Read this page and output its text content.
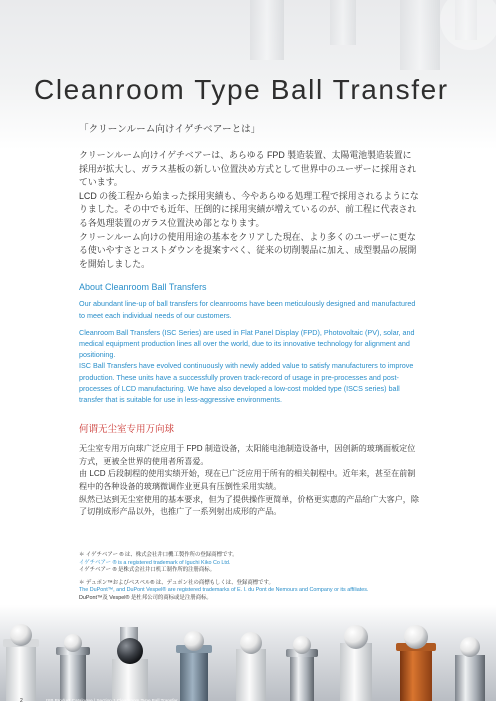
Cleanroom Type Ball Transfer

「クリーンルーム向けイゲチベアーとは」

クリーンルーム向けイゲチベアーは、あらゆる FPD 製造装置、太陽電池製造装置に採用が拡大し、ガラス基板の新しい位置決め方式として世界中のユーザーに採用されています。
LCD の後工程から始まった採用実績も、今やあらゆる処理工程で採用されるようになりました。その中でも近年、圧倒的に採用実績が増えているのが、前工程に代表される各処理装置のガラス位置決め部となります。
クリーンルーム向けの使用用途の基本をクリアした現在、より多くのユーザーに更なる使いやすさとコストダウンを提案すべく、従来の切削製品に加え、成型製品の展開を開始しました。

About Cleanroom Ball Transfers

Our abundant line-up of ball transfers for cleanrooms have been meticulously designed and manufactured to meet each individual needs of our customers.

Cleanroom Ball Transfers (ISC Series) are used in Flat Panel Display (FPD), Photovoltaic (PV), solar, and medical equipment production lines all over the world, due to its innovative technology for alignment and positioning.

ISC Ball Transfers have evolved continuously with newly added value to satisfy manufacturers to improve production. These units have a successfully proven track-record of usage in pre-processes and post-processes of LCD manufacturing. We have also developed a low-cost molded type (ISCS series) ball transfer that is suitable for use in less-aggressive environments.

何谓无尘室专用万向球

无尘室专用万向球广泛应用于 FPD 制造设备，太阳能电池制造设备中，因创新的玻璃面板定位方式，更被全世界的使用者所喜爱。
由 LCD 后段制程的使用实绩开始，现在已广泛应用于所有的相关制程中。近年来，甚至在前制程中的各种设备的玻璃微调作业更具有压倒性采用实绩。
纵然已达到无尘室使用的基本要求，但为了提供操作更简单，价格更实惠的产品给广大客户，除了切削成形产品以外，也推广了一系列射出成形的产品。

＊ イゲチベアー ® は、株式会社井口機工製作所の登録商標です。

イゲチベアー ® is a registered trademark of Iguchi Kiko Co Ltd.

イゲチベアー ® 是株式会社井口机工制作所的注册商标。

＊ デュポン™およびベスペル® は、デュポン社の商標もしくは、登録商標です。

The DuPont™, and DuPont Vespel® are registered trademarks of E. I. du Pont de Nemours and Company or its affiliates.

DuPont™及 Vespel® 是杜邦公司的商标或是注册商标。

2	ISB Product Catalogue | Section 1 Cleanroom Type Ball Transfer
